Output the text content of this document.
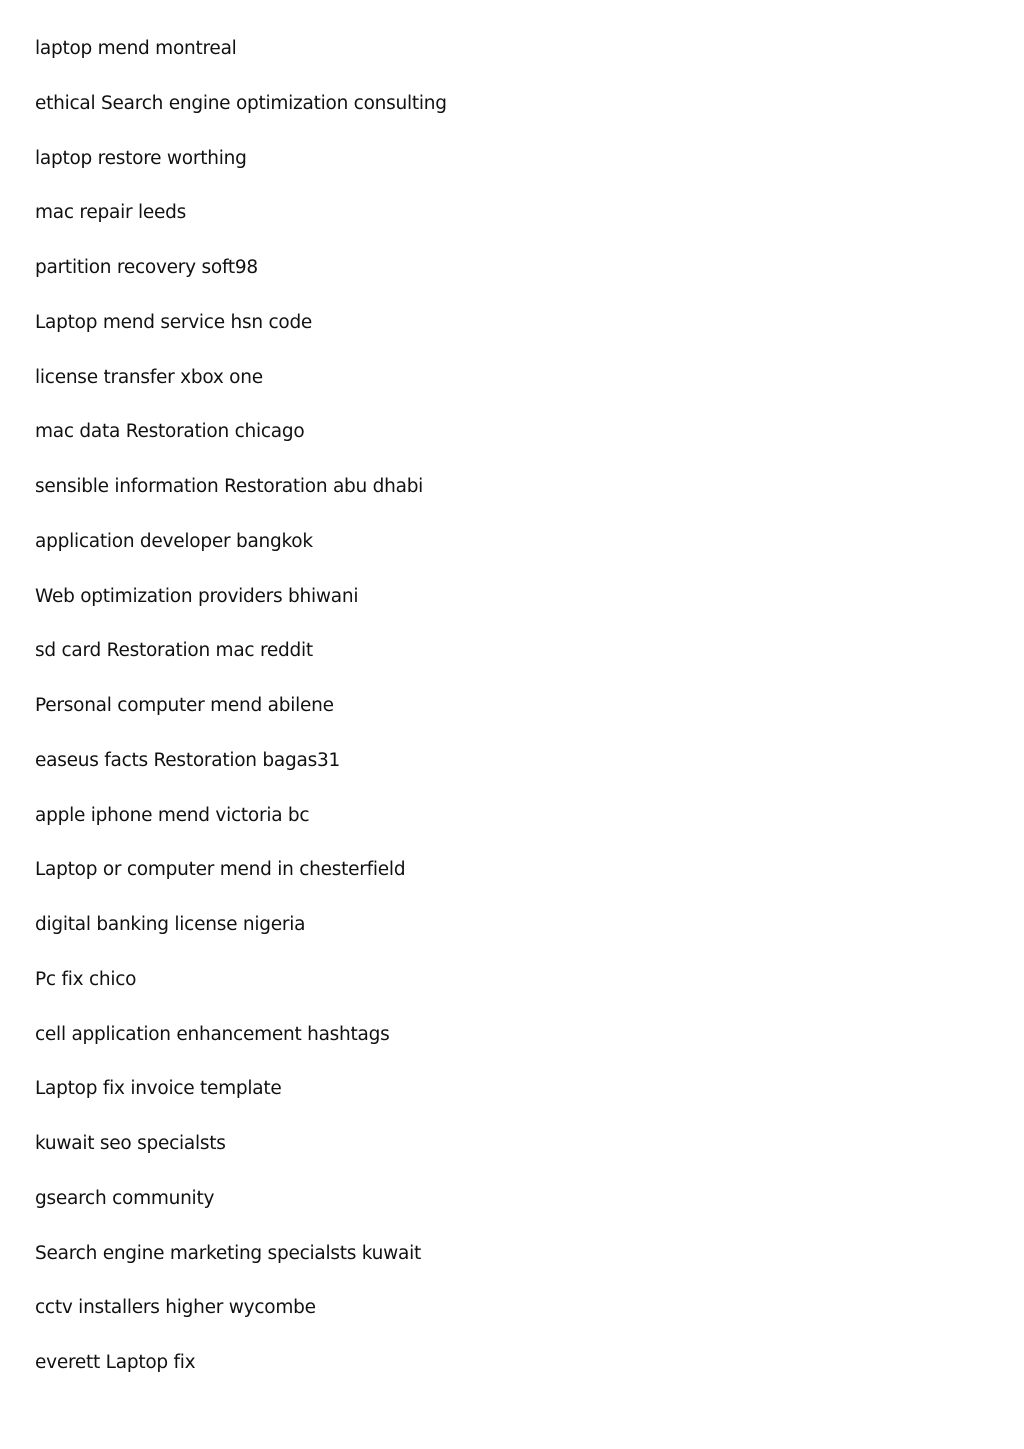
laptop mend montreal
ethical Search engine optimization consulting
laptop restore worthing
mac repair leeds
partition recovery soft98
Laptop mend service hsn code
license transfer xbox one
mac data Restoration chicago
sensible information Restoration abu dhabi
application developer bangkok
Web optimization providers bhiwani
sd card Restoration mac reddit
Personal computer mend abilene
easeus facts Restoration bagas31
apple iphone mend victoria bc
Laptop or computer mend in chesterfield
digital banking license nigeria
Pc fix chico
cell application enhancement hashtags
Laptop fix invoice template
kuwait seo specialsts
gsearch community
Search engine marketing specialsts kuwait
cctv installers higher wycombe
everett Laptop fix
